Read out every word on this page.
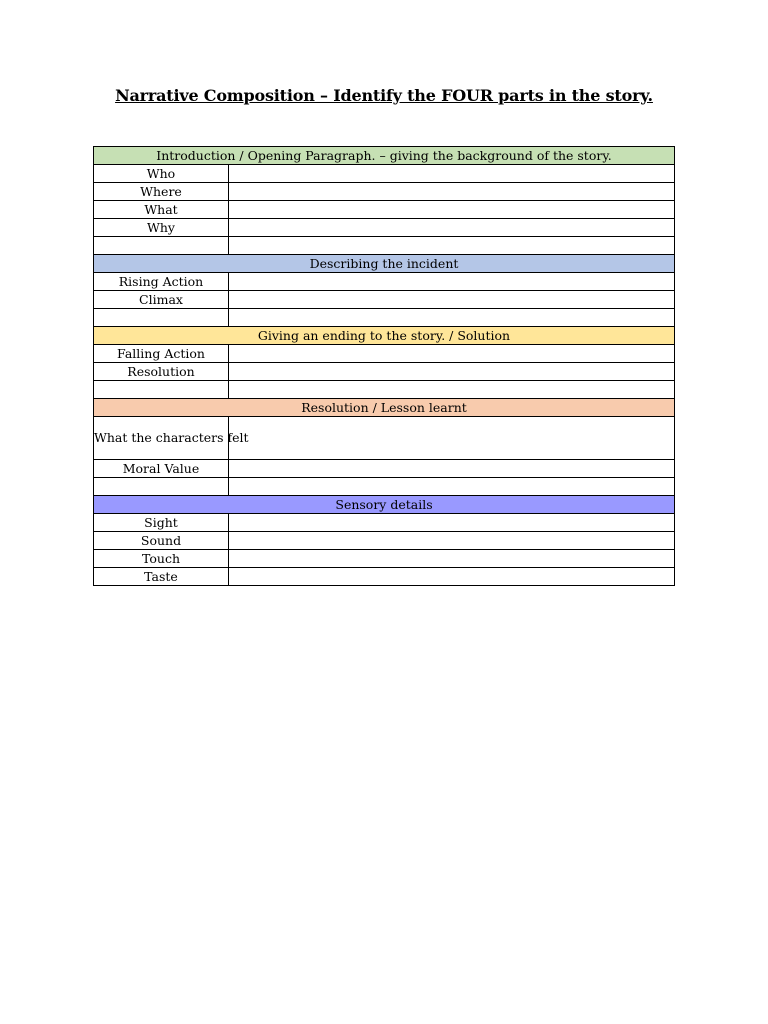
Narrative Composition – Identify the FOUR parts in the story.
Introduction / Opening Paragraph. – giving the background of the story.	
Who	
Where	
What	
Why	

Describing the incident	
Rising Action	
Climax	

Giving an ending to the story. / Solution	
Falling Action	
Resolution	

Resolution / Lesson learnt	
What the characters felt	
Moral Value	

Sensory details	
Sight	
Sound	
Touch	
Taste	
